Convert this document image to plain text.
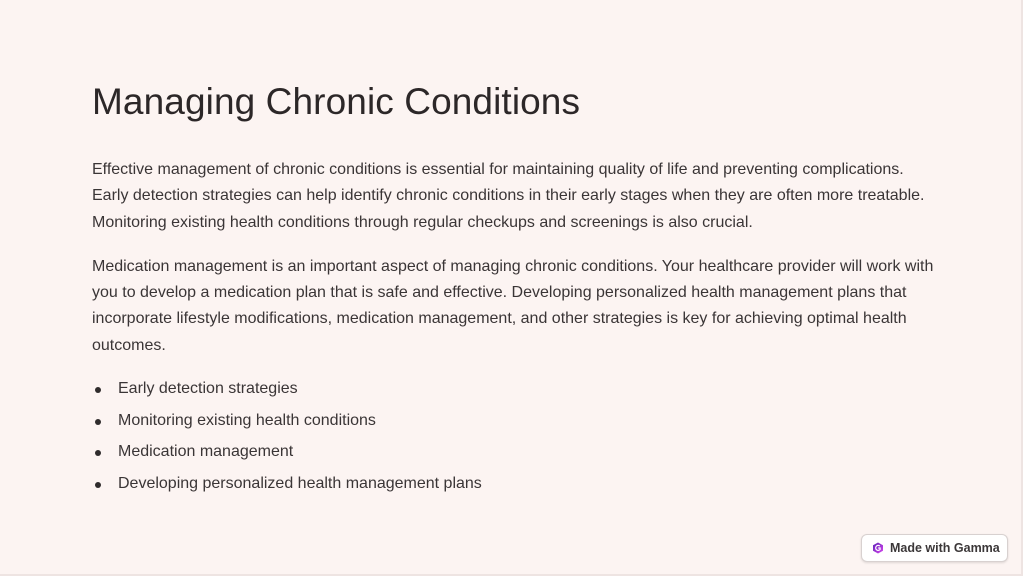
Managing Chronic Conditions

Effective management of chronic conditions is essential for maintaining quality of life and preventing complications. Early detection strategies can help identify chronic conditions in their early stages when they are often more treatable. Monitoring existing health conditions through regular checkups and screenings is also crucial.

Medication management is an important aspect of managing chronic conditions. Your healthcare provider will work with you to develop a medication plan that is safe and effective. Developing personalized health management plans that incorporate lifestyle modifications, medication management, and other strategies is key for achieving optimal health outcomes.

Early detection strategies
Monitoring existing health conditions
Medication management
Developing personalized health management plans
Made with Gamma
